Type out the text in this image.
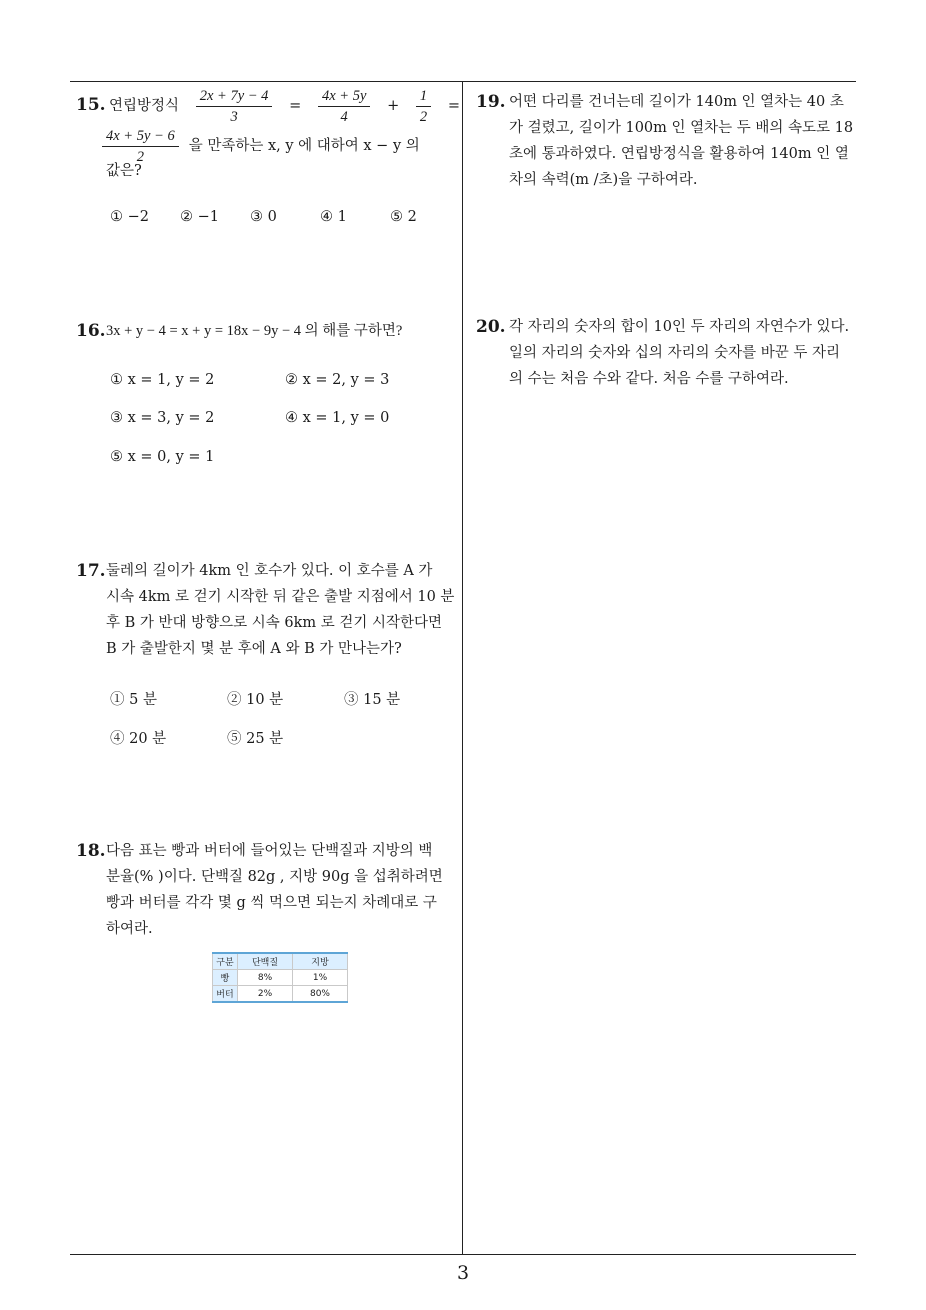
15. 연립방정식 $\frac{2x + 7y - 4}{3} = \frac{4x + 5y}{4} + \frac{1}{2}$ =
$\frac{4x + 5y - 6}{2}$ 을 만족하는 x, y 에 대하여 x − y 의
값은?
① −2 ② −1 ③ 0	④ 1	⑤ 2
16. 3x + y − 4 = x + y = 18x − 9y − 4 의 해를 구하면?
① x = 1, y = 2	② x = 2, y = 3
③ x = 3, y = 2	④ x = 1, y = 0
⑤ x = 0, y = 1
17. 둘레의 길이가 4km 인 호수가 있다. 이 호수를 A 가
시속 4km 로 걷기 시작한 뒤 같은 출발 지점에서 10 분
후 B 가 반대 방향으로 시속 6km 로 걷기 시작한다면
B 가 출발한지 몇 분 후에 A 와 B 가 만나는가?
① 5 분	② 10 분	③ 15 분
④ 20 분	⑤ 25 분
18. 다음 표는 빵과 버터에 들어있는 단백질과 지방의 백
분율(% )이다. 단백질 82g , 지방 90g 을 섭취하려면
빵과 버터를 각각 몇 g 씩 먹으면 되는지 차례대로 구
하여라.
구분	단백질	지방
빵	8%	1%
버터	2%	80%
19. 어떤 다리를 건너는데 길이가 140m 인 열차는 40 초
가 걸렸고, 길이가 100m 인 열차는 두 배의 속도로 18
초에 통과하였다. 연립방정식을 활용하여 140m 인 열
차의 속력(m /초)을 구하여라.
20. 각 자리의 숫자의 합이 10인 두 자리의 자연수가 있다.
일의 자리의 숫자와 십의 자리의 숫자를 바꾼 두 자리
의 수는 처음 수와 같다. 처음 수를 구하여라.
3
